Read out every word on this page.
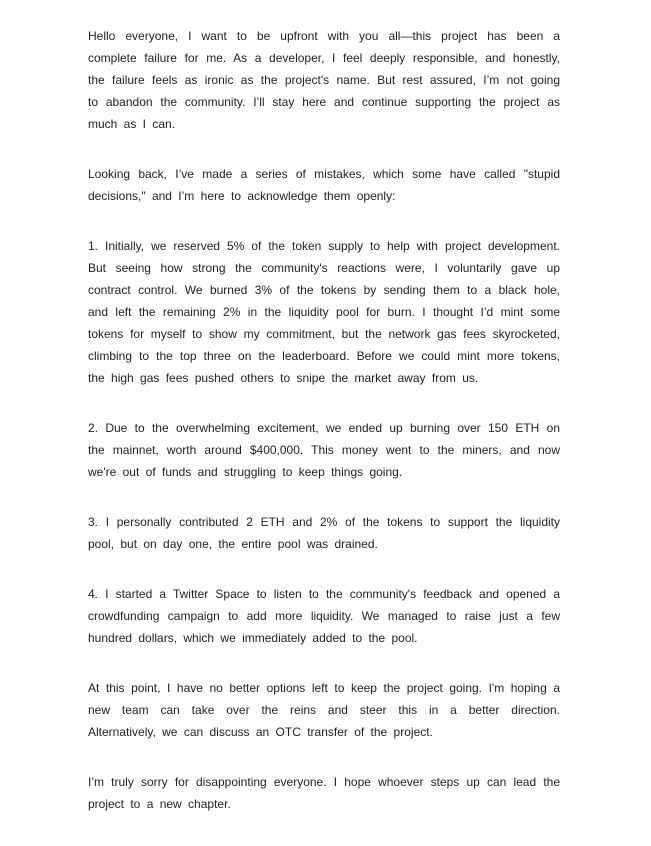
Hello everyone, I want to be upfront with you all—this project has been a complete failure for me. As a developer, I feel deeply responsible, and honestly, the failure feels as ironic as the project's name. But rest assured, I’m not going to abandon the community. I’ll stay here and continue supporting the project as much as I can.

Looking back, I’ve made a series of mistakes, which some have called "stupid decisions," and I’m here to acknowledge them openly:

1. Initially, we reserved 5% of the token supply to help with project development. But seeing how strong the community's reactions were, I voluntarily gave up contract control. We burned 3% of the tokens by sending them to a black hole, and left the remaining 2% in the liquidity pool for burn. I thought I’d mint some tokens for myself to show my commitment, but the network gas fees skyrocketed, climbing to the top three on the leaderboard. Before we could mint more tokens, the high gas fees pushed others to snipe the market away from us.

2. Due to the overwhelming excitement, we ended up burning over 150 ETH on the mainnet, worth around $400,000. This money went to the miners, and now we're out of funds and struggling to keep things going.

3. I personally contributed 2 ETH and 2% of the tokens to support the liquidity pool, but on day one, the entire pool was drained.

4. I started a Twitter Space to listen to the community's feedback and opened a crowdfunding campaign to add more liquidity. We managed to raise just a few hundred dollars, which we immediately added to the pool.

At this point, I have no better options left to keep the project going. I'm hoping a new team can take over the reins and steer this in a better direction. Alternatively, we can discuss an OTC transfer of the project.

I’m truly sorry for disappointing everyone. I hope whoever steps up can lead the project to a new chapter.
